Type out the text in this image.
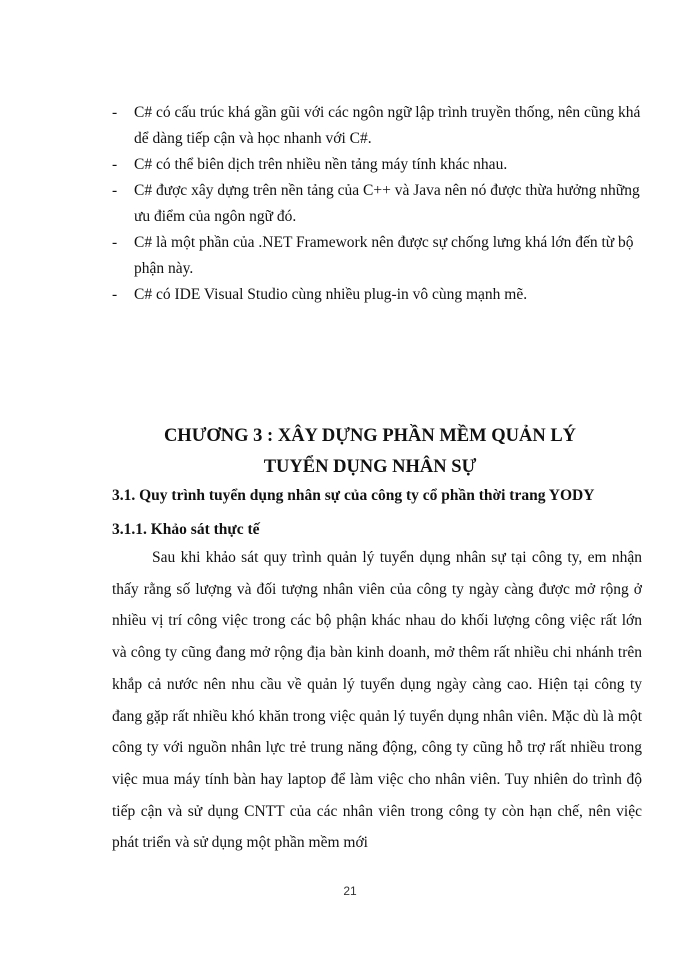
- C# có cấu trúc khá gần gũi với các ngôn ngữ lập trình truyền thống, nên cũng khá dể dàng tiếp cận và học nhanh với C#.
- C# có thể biên dịch trên nhiều nền tảng máy tính khác nhau.
- C# được xây dựng trên nền tảng của C++ và Java nên nó được thừa hưởng những ưu điểm của ngôn ngữ đó.
- C# là một phần của .NET Framework nên được sự chống lưng khá lớn đến từ bộ phận này.
- C# có IDE Visual Studio cùng nhiều plug-in vô cùng mạnh mẽ.
CHƯƠNG 3 : XÂY DỰNG PHẦN MỀM QUẢN LÝ
TUYỂN DỤNG NHÂN SỰ
3.1. Quy trình tuyển dụng nhân sự của công ty cổ phần thời trang YODY
3.1.1. Khảo sát thực tế

Sau khi khảo sát quy trình quản lý tuyển dụng nhân sự tại công ty, em nhận thấy rằng số lượng và đối tượng nhân viên của công ty ngày càng được mở rộng ở nhiều vị trí công việc trong các bộ phận khác nhau do khối lượng công việc rất lớn và công ty cũng đang mở rộng địa bàn kinh doanh, mở thêm rất nhiều chi nhánh trên khắp cả nước nên nhu cầu về quản lý tuyển dụng ngày càng cao. Hiện tại công ty đang gặp rất nhiều khó khăn trong việc quản lý tuyển dụng nhân viên. Mặc dù là một công ty với nguồn nhân lực trẻ trung năng động, công ty cũng hỗ trợ rất nhiều trong việc mua máy tính bàn hay laptop để làm việc cho nhân viên. Tuy nhiên do trình độ tiếp cận và sử dụng CNTT của các nhân viên trong công ty còn hạn chế, nên việc phát triển và sử dụng một phần mềm mới

21
